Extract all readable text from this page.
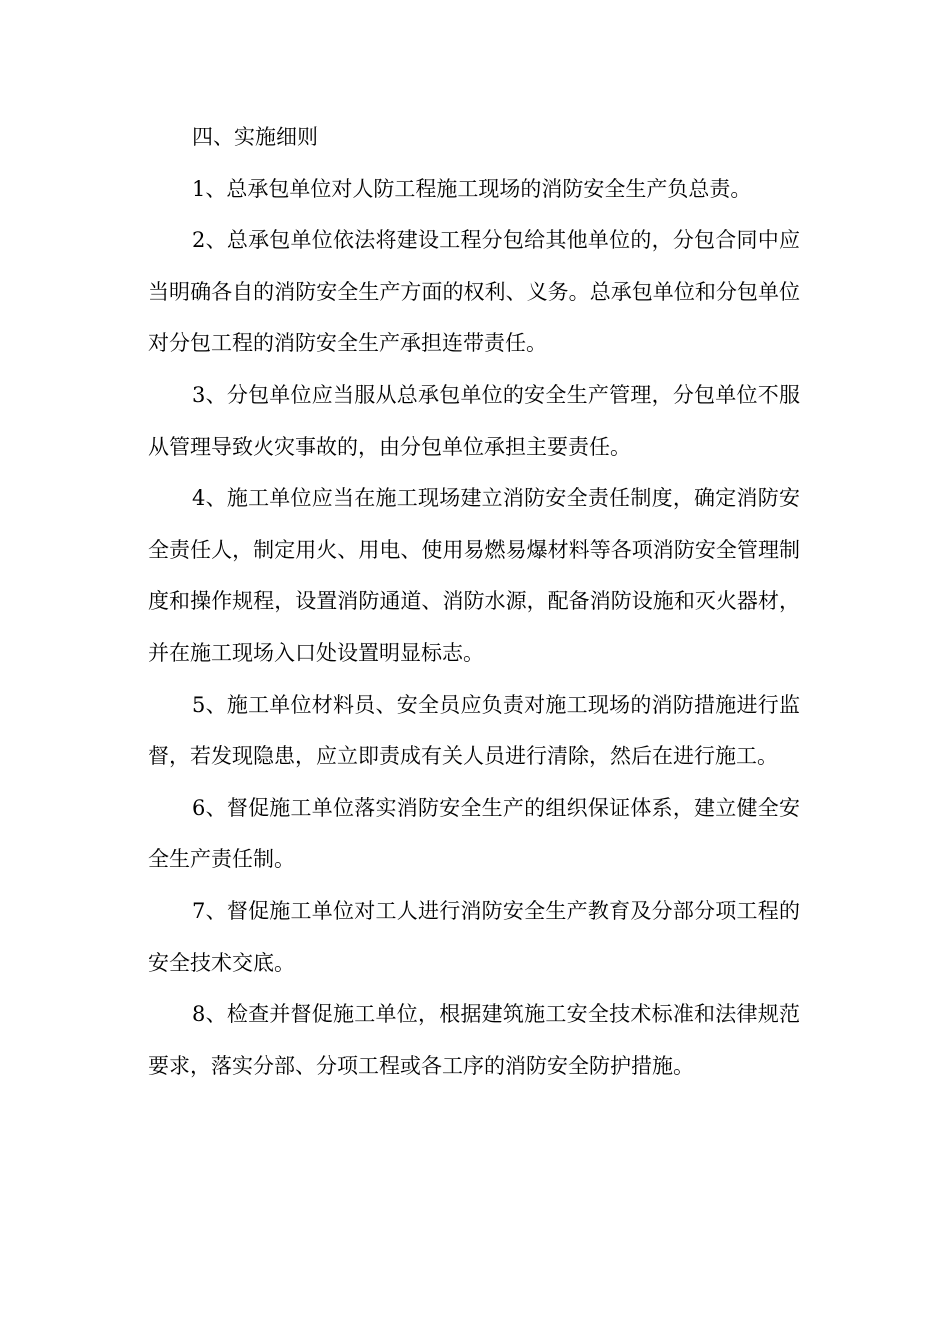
四、实施细则

1、总承包单位对人防工程施工现场的消防安全生产负总责。

2、总承包单位依法将建设工程分包给其他单位的，分包合同中应当明确各自的消防安全生产方面的权利、义务。总承包单位和分包单位对分包工程的消防安全生产承担连带责任。

3、分包单位应当服从总承包单位的安全生产管理，分包单位不服从管理导致火灾事故的，由分包单位承担主要责任。

4、施工单位应当在施工现场建立消防安全责任制度，确定消防安全责任人，制定用火、用电、使用易燃易爆材料等各项消防安全管理制度和操作规程，设置消防通道、消防水源，配备消防设施和灭火器材，并在施工现场入口处设置明显标志。

5、施工单位材料员、安全员应负责对施工现场的消防措施进行监督，若发现隐患，应立即责成有关人员进行清除，然后在进行施工。

6、督促施工单位落实消防安全生产的组织保证体系，建立健全安全生产责任制。

7、督促施工单位对工人进行消防安全生产教育及分部分项工程的安全技术交底。

8、检查并督促施工单位，根据建筑施工安全技术标准和法律规范要求，落实分部、分项工程或各工序的消防安全防护措施。
